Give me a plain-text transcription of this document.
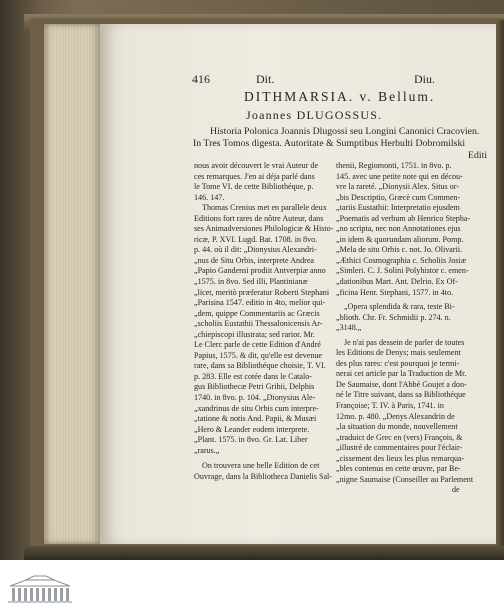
416	Dit.	Diu.
DITHMARSIA. v. Bellum.
Joannes DLUGOSSUS.
Historia Polonica Joannis Dlugossi seu Longini Canonici Cracovien.
In Tres Tomos digesta. Autoritate & Sumptibus Herbulti Dobromilski
Editi
nous avoir découvert le vrai Auteur de
ces remarques. J'en ai déja parlé dans
le Tome VI. de cette Bibliothéque, p.
146. 147.
Thomas Crenius met en parallele deux
Editions fort rares de nôtre Auteur, dans
ses Animadversiones Philologicæ & Histo-
ricæ, P. XVI. Lugd. Bat. 1708. in 8vo.
p. 44. où il dit: „Dionysius Alexandri-
„nus de Situ Orbis, interprete Andrea
„Papio Gandensi prodiit Antverpiæ anno
„1575. in 8vo. Sed illi, Plantinianæ
„licet, meritò præferatur Roberti Stephani
„Parisina 1547. editio in 4to, melior qui-
„dem, quippe Commentariis ac Græcis
„scholiis Eustathii Thessalonicensis Ar-
„chiepiscopi illustrata; sed rarior. Mr.
Le Clerc parle de cette Edition d'André
Papius, 1575. & dit, qu'elle est devenue
rare, dans sa Bibliothéque choisie, T. VI.
p. 283. Elle est cotée dans le Catalo-
gus Bibliothecæ Petri Gribii, Delphis
1740. in 8vo. p. 104. „Dionysius Ale-
„xandrinus de situ Orbis cum interpre-
„tatione & notis And. Papii, & Musæi
„Hero & Leander eodem interprete.
„Plant. 1575. in 8vo. Gr. Lat. Liber
„rarus.„
On trouvera une belle Edition de cet
Ouvrage, dans la Bibliotheca Danielis Sal-
thenii, Regiomonti, 1751. in 8vo. p.
145. avec une petite note qui en décou-
vre la rareté. „Dionysii Alex. Situs or-
„bis Descriptio, Græcè cum Commen-
„tariis Eustathii: Interpretatio ejusdem
„Poematis ad verbum ab Henrico Stepha-
„no scripta, nec non Annotationes ejus
„in idem & quorundam aliorum. Pomp.
„Mela de situ Orbis c. not. Jo. Olivarii.
„Æthici Cosmographia c. Scholiis Josiæ
„Simleri. C. J. Solini Polyhistor c. emen-
„dationibus Mart. Ant. Delrio. Ex Of-
„ficina Henr. Stephani, 1577. in 4to.
„Opera splendida & rara, teste Bi-
„blioth. Chr. Fr. Schmidii p. 274. n.
„3148.„
Je n'ai pas dessein de parler de toutes
les Editions de Denys; mais seulement
des plus rares: c'est pourquoi je termi-
nerai cet article par la Traduction de Mr.
De Saumaise, dont l'Abbé Goujet a don-
né le Titre suivant, dans sa Bibliothéque
Françoise; T. IV. à Paris, 1741. in
12mo. p. 480. „Denys Alexandrin de
„la situation du monde, nouvellement
„traduict de Grec en (vers) François, &
„illustré de commentaires pour l'éclair-
„cissement des lieux les plus remarqua-
„bles contenus en cette œuvre, par Be-
„nigne Saumaise (Conseiller au Parlement
de
